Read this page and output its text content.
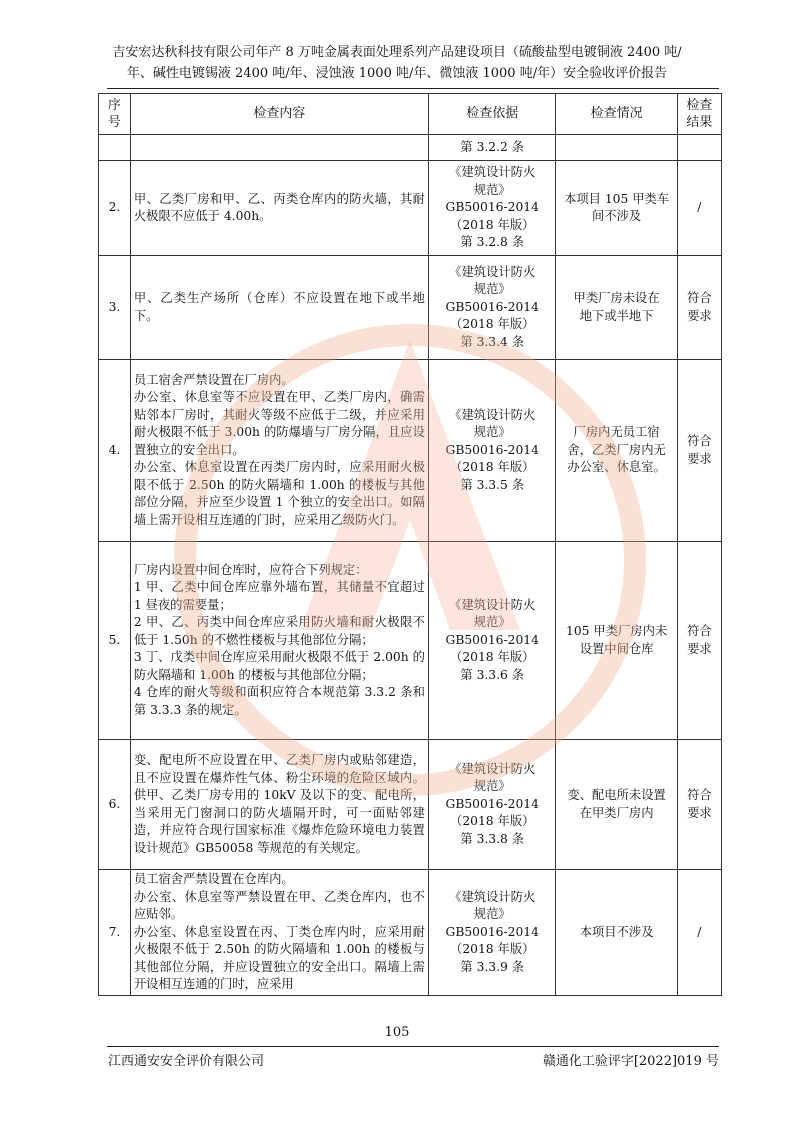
吉安宏达秋科技有限公司年产 8 万吨金属表面处理系列产品建设项目（硫酸盐型电镀铜液 2400 吨/
年、碱性电镀锡液 2400 吨/年、浸蚀液 1000 吨/年、微蚀液 1000 吨/年）安全验收评价报告
序
号	检查内容	检查依据	检查情况	检查
结果

		第 3.2.2 条		

2.	甲、乙类厂房和甲、乙、丙类仓库内的防火墙，其耐火极限不应低于 4.00h。	《建筑设计防火
规范》
GB50016-2014
（2018 年版）
第 3.2.8 条	本项目 105 甲类车
间不涉及	/

3.	甲、乙类生产场所（仓库）不应设置在地下或半地下。	《建筑设计防火
规范》
GB50016-2014
（2018 年版）
第 3.3.4 条	甲类厂房未设在
地下或半地下	符合
要求

4.	员工宿舍严禁设置在厂房内。
办公室、休息室等不应设置在甲、乙类厂房内，确需贴邻本厂房时，其耐火等级不应低于二级，并应采用耐火极限不低于 3.00h 的防爆墙与厂房分隔，且应设置独立的安全出口。
办公室、休息室设置在丙类厂房内时，应采用耐火极限不低于 2.50h 的防火隔墙和 1.00h 的楼板与其他部位分隔，并应至少设置 1 个独立的安全出口。如隔墙上需开设相互连通的门时，应采用乙级防火门。	《建筑设计防火
规范》
GB50016-2014
（2018 年版）
第 3.3.5 条	厂房内无员工宿
舍，乙类厂房内无
办公室、休息室。	符合
要求

5.	厂房内设置中间仓库时，应符合下列规定：
1 甲、乙类中间仓库应靠外墙布置，其储量不宜超过 1 昼夜的需要量；
2 甲、乙、丙类中间仓库应采用防火墙和耐火极限不低于 1.50h 的不燃性楼板与其他部位分隔；
3 丁、戊类中间仓库应采用耐火极限不低于 2.00h 的防火隔墙和 1.00h 的楼板与其他部位分隔；
4 仓库的耐火等级和面积应符合本规范第 3.3.2 条和第 3.3.3 条的规定。	《建筑设计防火
规范》
GB50016-2014
（2018 年版）
第 3.3.6 条	105 甲类厂房内未
设置中间仓库	符合
要求

6.	变、配电所不应设置在甲、乙类厂房内或贴邻建造，且不应设置在爆炸性气体、粉尘环境的危险区域内。供甲、乙类厂房专用的 10kV 及以下的变、配电所，当采用无门窗洞口的防火墙隔开时，可一面贴邻建造，并应符合现行国家标准《爆炸危险环境电力装置设计规范》GB50058 等规范的有关规定。	《建筑设计防火
规范》
GB50016-2014
（2018 年版）
第 3.3.8 条	变、配电所未设置
在甲类厂房内	符合
要求

7.	员工宿舍严禁设置在仓库内。
办公室、休息室等严禁设置在甲、乙类仓库内，也不应贴邻。
办公室、休息室设置在丙、丁类仓库内时，应采用耐火极限不低于 2.50h 的防火隔墙和 1.00h 的楼板与其他部位分隔，并应设置独立的安全出口。隔墙上需开设相互连通的门时，应采用	《建筑设计防火
规范》
GB50016-2014
（2018 年版）
第 3.3.9 条	本项目不涉及	/
105
江西通安安全评价有限公司	赣通化工验评字[2022]019 号
